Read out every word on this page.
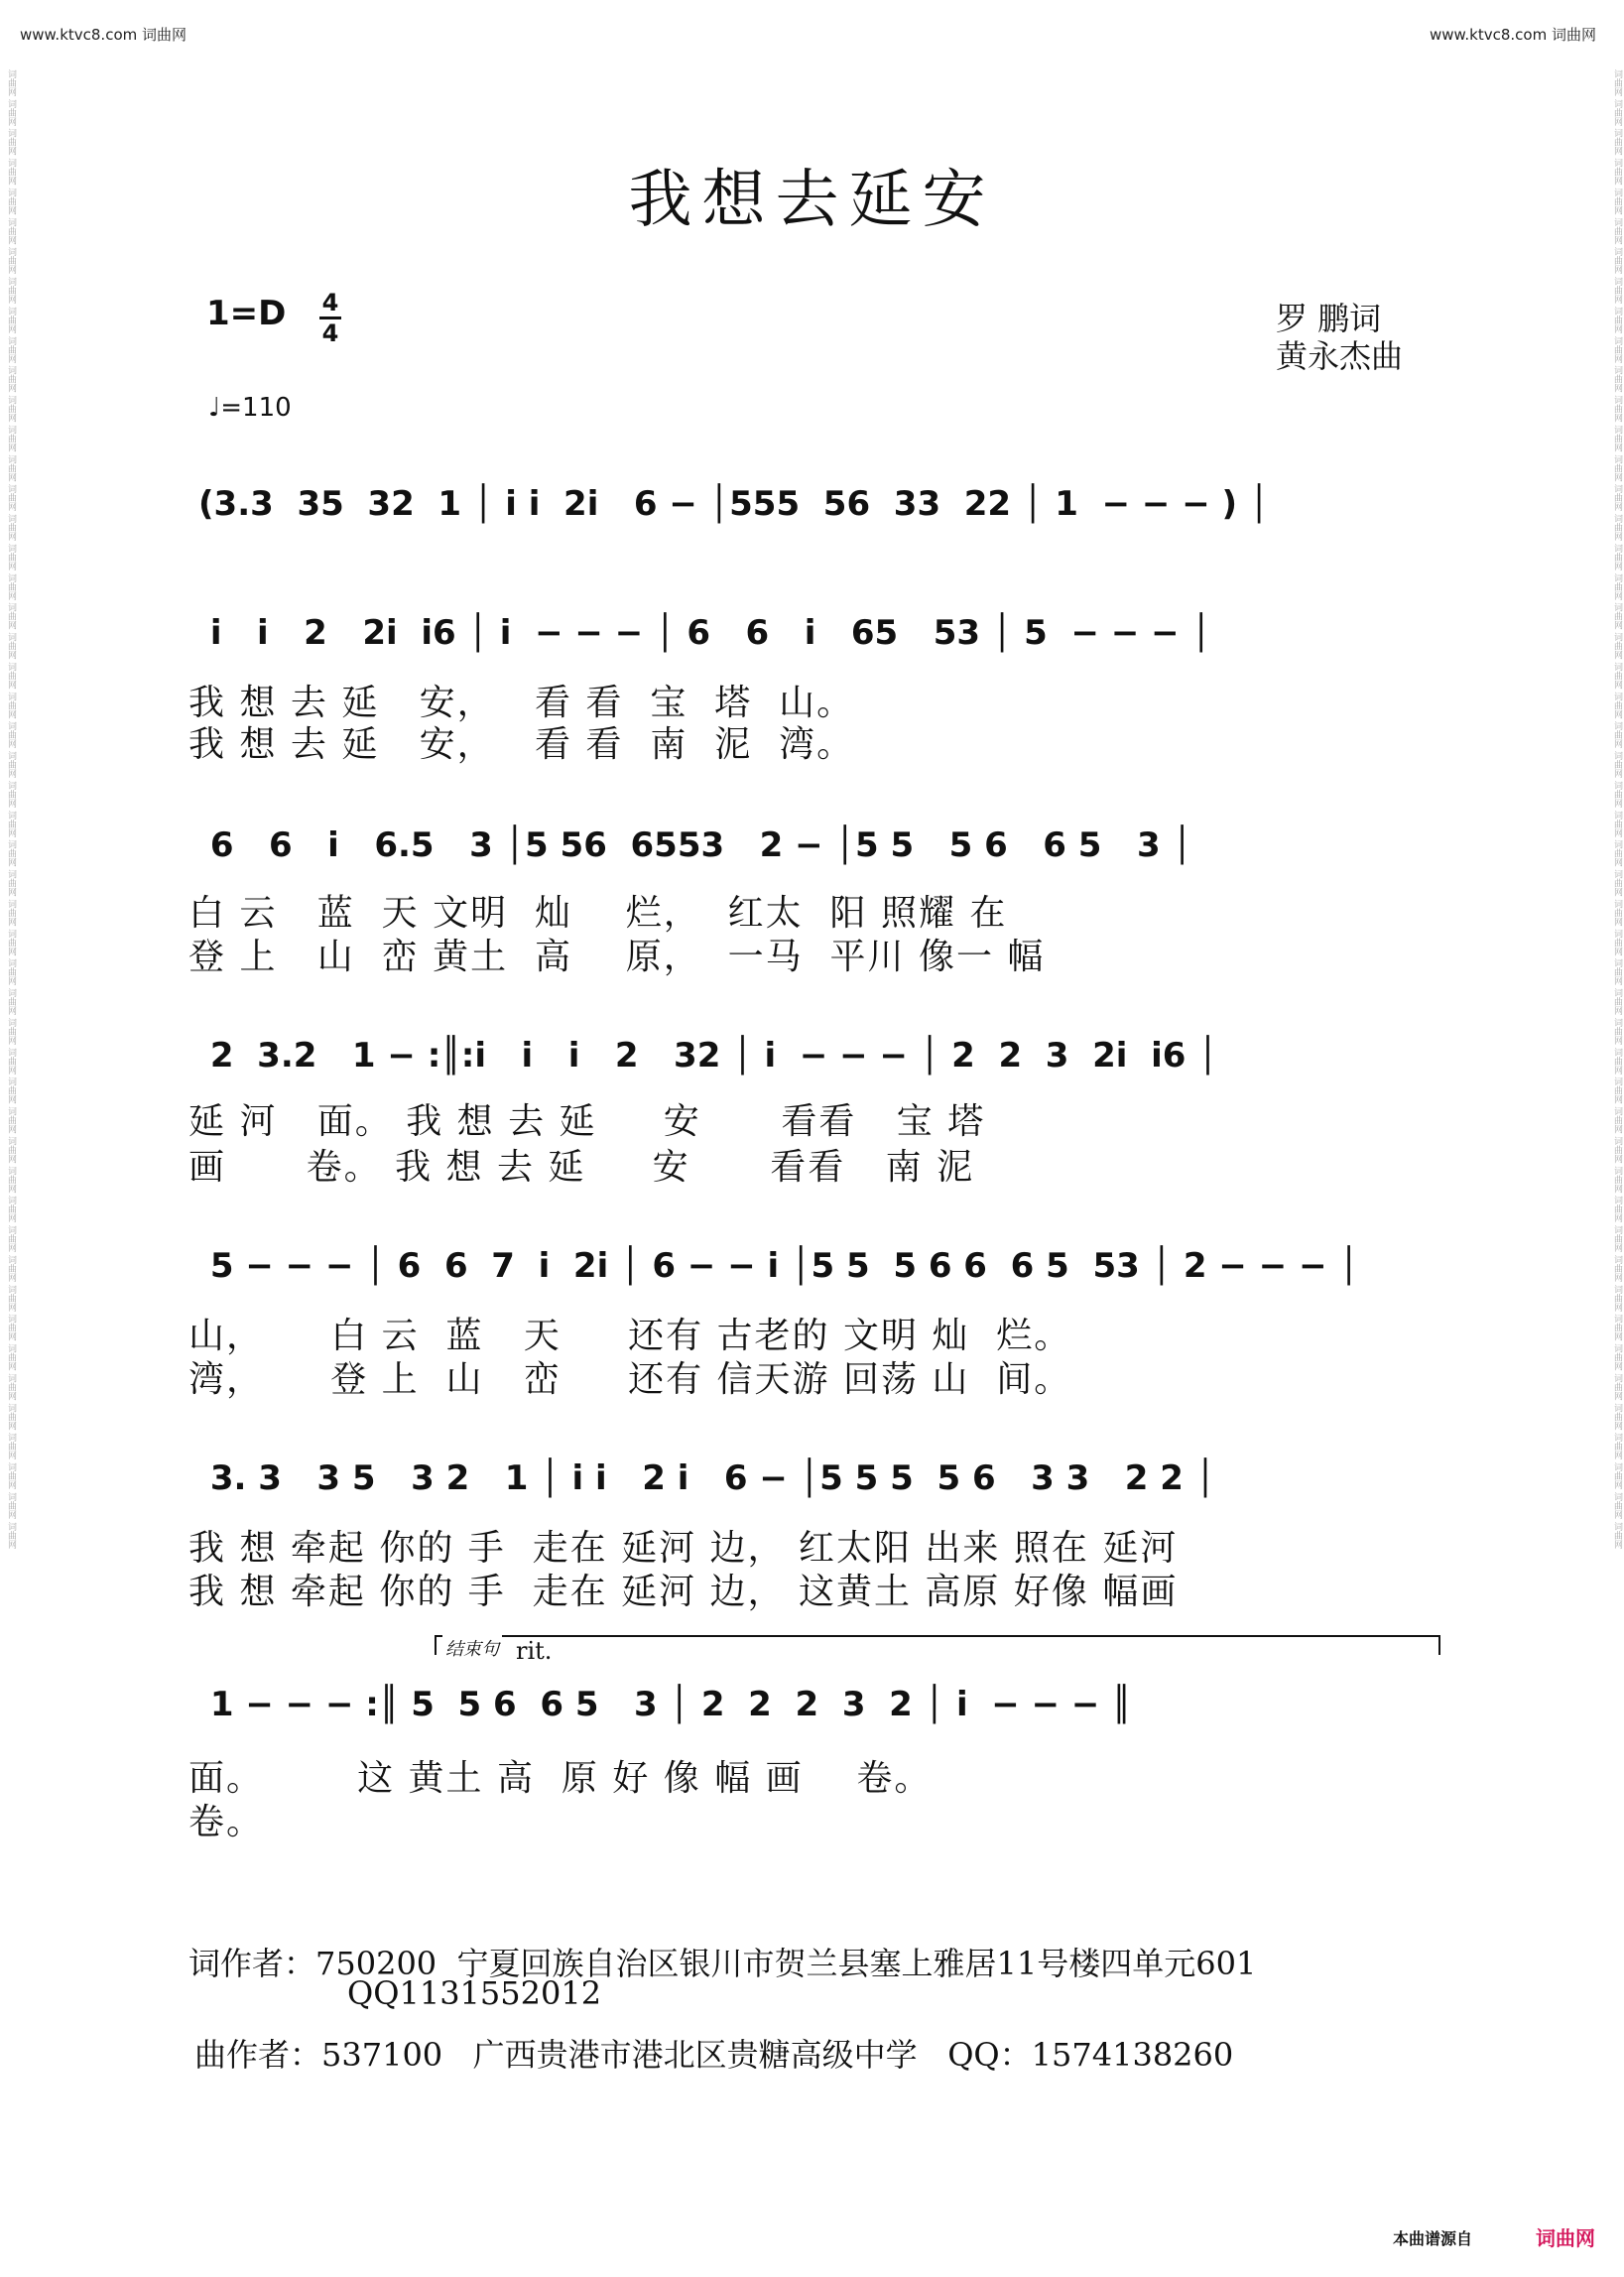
www.ktvc8.com 词曲网	www.ktvc8.com 词曲网
词曲网 词曲网 词曲网 词曲网 词曲网 词曲网 词曲网 词曲网 词曲网 词曲网 词曲网 词曲网 词曲网 词曲网 词曲网 词曲网 词曲网 词曲网 词曲网 词曲网 词曲网 词曲网 词曲网 词曲网 词曲网 词曲网 词曲网 词曲网 词曲网 词曲网 词曲网 词曲网 词曲网 词曲网 词曲网 词曲网 词曲网 词曲网 词曲网 词曲网 词曲网 词曲网 词曲网 词曲网 词曲网 词曲网 词曲网 词曲网 词曲网 词曲网
词曲网 词曲网 词曲网 词曲网 词曲网 词曲网 词曲网 词曲网 词曲网 词曲网 词曲网 词曲网 词曲网 词曲网 词曲网 词曲网 词曲网 词曲网 词曲网 词曲网 词曲网 词曲网 词曲网 词曲网 词曲网 词曲网 词曲网 词曲网 词曲网 词曲网 词曲网 词曲网 词曲网 词曲网 词曲网 词曲网 词曲网 词曲网 词曲网 词曲网 词曲网 词曲网 词曲网 词曲网 词曲网 词曲网 词曲网 词曲网 词曲网 词曲网
我想去延安
1=D 4
4
♩=110
罗 鹏词
黄永杰曲
(3.3  35  32  1 │ i i  2i   6 − │555  56  33  22 │ 1  − − − ) │
i   i   2   2i  i6 │ i  − − − │ 6   6   i   65   53 │ 5  − − − │
我 想 去 延   安，   看 看  宝  塔  山。
我 想 去 延   安，   看 看  南  泥  湾。
6   6   i   6.5   3 │5 56  6553   2 − │5 5   5 6   6 5   3 │
白 云   蓝  天 文明  灿    烂，  红太  阳 照耀 在
登 上   山  峦 黄土  高    原，  一马  平川 像一 幅
2  3.2   1 − :║:i   i   i   2   32 │ i  − − − │ 2  2  3  2i  i6 │
延 河   面。 我 想 去 延     安      看看   宝 塔
画      卷。 我 想 去 延     安      看看   南 泥
5 − − − │ 6  6  7  i  2i │ 6 − − i │5 5  5 6 6  6 5  53 │ 2 − − − │
山，     白 云  蓝   天     还有 古老的 文明 灿  烂。
湾，     登 上  山   峦     还有 信天游 回荡 山  间。
3. 3   3 5   3 2   1 │ i i   2 i   6 − │5 5 5  5 6   3 3   2 2 │
我 想 牵起 你的 手  走在 延河 边， 红太阳 出来 照在 延河
我 想 牵起 你的 手  走在 延河 边， 这黄土 高原 好像 幅画
结束句 rit.
1 − − − :║ 5  5 6  6 5   3 │ 2  2  2  3  2 │ i  − − − ║
面。       这 黄土 高  原 好 像 幅 画    卷。
卷。
词作者：750200  宁夏回族自治区银川市贺兰县塞上雅居11号楼四单元601
QQ1131552012
曲作者：537100   广西贵港市港北区贵糖高级中学   QQ：1574138260
本曲谱源自	词曲网
